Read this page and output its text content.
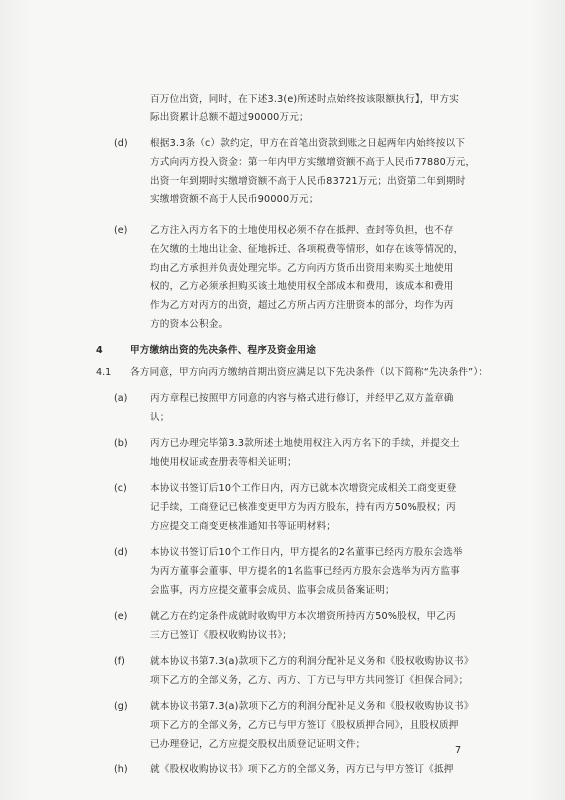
百万位出资，同时，在下述3.3(e)所述时点始终按该限额执行】，甲方实
际出资累计总额不超过90000万元；
(d) 根据3.3条（c）款约定，甲方在首笔出资款到账之日起两年内始终按以下
方式向丙方投入资金：第一年内甲方实缴增资额不高于人民币77880万元，
出资一年到期时实缴增资额不高于人民币83721万元；出资第二年到期时
实缴增资额不高于人民币90000万元；
(e) 乙方注入丙方名下的土地使用权必须不存在抵押、查封等负担，也不存
在欠缴的土地出让金、征地拆迁、各项税费等情形，如存在该等情况的，
均由乙方承担并负责处理完毕。乙方向丙方货币出资用来购买土地使用
权的，乙方必须承担购买该土地使用权全部成本和费用，该成本和费用
作为乙方对丙方的出资，超过乙方所占丙方注册资本的部分，均作为丙
方的资本公积金。
4	甲方缴纳出资的先决条件、程序及资金用途
4.1 各方同意，甲方向丙方缴纳首期出资应满足以下先决条件（以下简称“先决条件”）：
(a) 丙方章程已按照甲方同意的内容与格式进行修订，并经甲乙双方盖章确
认；
(b) 丙方已办理完毕第3.3款所述土地使用权注入丙方名下的手续，并提交土
地使用权证或查册表等相关证明；
(c) 本协议书签订后10个工作日内，丙方已就本次增资完成相关工商变更登
记手续，工商登记已核准变更甲方为丙方股东，持有丙方50%股权；丙
方应提交工商变更核准通知书等证明材料；
(d) 本协议书签订后10个工作日内，甲方提名的2名董事已经丙方股东会选举
为丙方董事会董事、甲方提名的1名监事已经丙方股东会选举为丙方监事
会监事，丙方应提交董事会成员、监事会成员备案证明；
(e) 就乙方在约定条件成就时收购甲方本次增资所持丙方50%股权，甲乙丙
三方已签订《股权收购协议书》；
(f)	就本协议书第7.3(a)款项下乙方的利润分配补足义务和《股权收购协议书》
项下乙方的全部义务，乙方、丙方、丁方已与甲方共同签订《担保合同》；
(g) 就本协议书第7.3(a)款项下乙方的利润分配补足义务和《股权收购协议书》
项下乙方的全部义务，乙方已与甲方签订《股权质押合同》，且股权质押
已办理登记，乙方应提交股权出质登记证明文件；
(h) 就《股权收购协议书》项下乙方的全部义务，丙方已与甲方签订《抵押
7
